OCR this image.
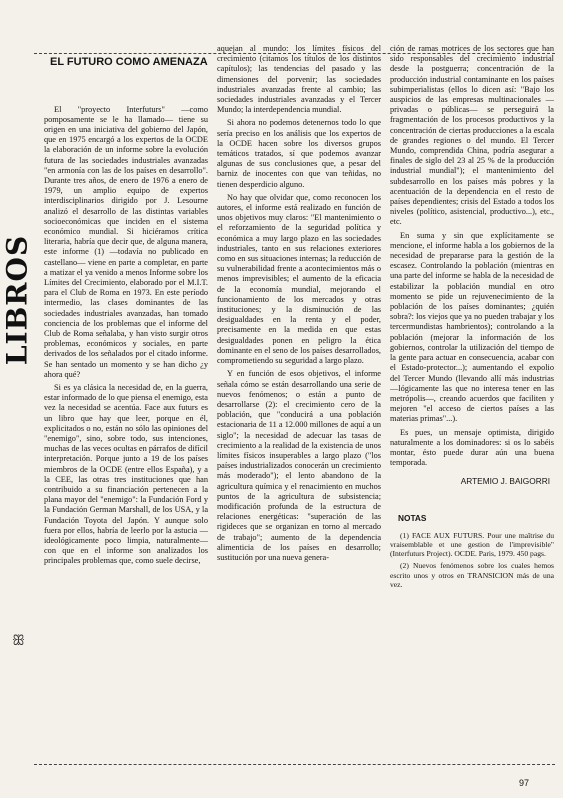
LIBROS
ꕥ
EL FUTURO COMO AMENAZA

El "proyecto Interfuturs" —como pomposamente se le ha llamado— tiene su origen en una iniciativa del gobierno del Japón, que en 1975 encargó a los expertos de la OCDE la elaboración de un informe sobre la evolución futura de las sociedades industriales avanzadas "en armonía con las de los países en desarrollo". Durante tres años, de enero de 1976 a enero de 1979, un amplio equipo de expertos interdisciplinarios dirigido por J. Lesourne analizó el desarrollo de las distintas variables socioeconómicas que inciden en el sistema económico mundial. Si hiciéramos crítica literaria, habría que decir que, de alguna manera, este informe (1) —todavía no publicado en castellano— viene en parte a completar, en parte a matizar el ya venido a menos Informe sobre los Límites del Crecimiento, elaborado por el M.I.T. para el Club de Roma en 1973. En este período intermedio, las clases dominantes de las sociedades industriales avanzadas, han tomado conciencia de los problemas que el informe del Club de Roma señalaba, y han visto surgir otros problemas, económicos y sociales, en parte derivados de los señalados por el citado informe. Se han sentado un momento y se han dicho ¿y ahora qué?

Si es ya clásica la necesidad de, en la guerra, estar informado de lo que piensa el enemigo, esta vez la necesidad se acentúa. Face aux futurs es un libro que hay que leer, porque en él, explicitados o no, están no sólo las opiniones del "enemigo", sino, sobre todo, sus intenciones, muchas de las veces ocultas en párrafos de difícil interpretación. Porque junto a 19 de los países miembros de la OCDE (entre ellos España), y a la CEE, las otras tres instituciones que han contribuido a su financiación pertenecen a la plana mayor del "enemigo": la Fundación Ford y la Fundación German Marshall, de los USA, y la Fundación Toyota del Japón. Y aunque solo fuera por ellos, habría de leerlo por la astucia —ideológicamente poco limpia, naturalmente— con que en el informe son analizados los principales problemas que, como suele decirse,

aquejan al mundo: los límites físicos del crecimiento (citamos los títulos de los distintos capítulos); las tendencias del pasado y las dimensiones del porvenir; las sociedades industriales avanzadas frente al cambio; las sociedades industriales avanzadas y el Tercer Mundo; la interdependencia mundial.

Si ahora no podemos detenernos todo lo que sería preciso en los análisis que los expertos de la OCDE hacen sobre los diversos grupos temáticos tratados, sí que podemos avanzar algunas de sus conclusiones que, a pesar del barniz de inocentes con que van teñidas, no tienen desperdicio alguno.

No hay que olvidar que, como reconocen los autores, el informe está realizado en función de unos objetivos muy claros: "El mantenimiento o el reforzamiento de la seguridad política y económica a muy largo plazo en las sociedades industriales, tanto en sus relaciones exteriores como en sus situaciones internas; la reducción de su vulnerabilidad frente a acontecimientos más o menos imprevisibles; el aumento de la eficacia de la economía mundial, mejorando el funcionamiento de los mercados y otras instituciones; y la disminución de las desigualdades en la renta y el poder, precisamente en la medida en que estas desigualdades ponen en peligro la ética dominante en el seno de los países desarrollados, comprometiendo su seguridad a largo plazo.

Y en función de esos objetivos, el informe señala cómo se están desarrollando una serie de nuevos fenómenos; o están a punto de desarrollarse (2): el crecimiento cero de la población, que "conducirá a una población estacionaria de 11 a 12.000 millones de aquí a un siglo"; la necesidad de adecuar las tasas de crecimiento a la realidad de la existencia de unos límites físicos insuperables a largo plazo ("los países industrializados conocerán un crecimiento más moderado"); el lento abandono de la agricultura química y el renacimiento en muchos puntos de la agricultura de subsistencia; modificación profunda de la estructura de relaciones energéticas: "superación de las rigideces que se organizan en torno al mercado de trabajo"; aumento de la dependencia alimenticia de los países en desarrollo; sustitución por una nueva genera-

ción de ramas motrices de los sectores que han sido responsables del crecimiento industrial desde la postguerra; concentración de la producción industrial contaminante en los países subimperialistas (ellos lo dicen así: "Bajo los auspicios de las empresas multinacionales —privadas o públicas— se perseguirá la fragmentación de los procesos productivos y la concentración de ciertas producciones a la escala de grandes regiones o del mundo. El Tercer Mundo, comprendida China, podría asegurar a finales de siglo del 23 al 25 % de la producción industrial mundial"); el mantenimiento del subdesarrollo en los países más pobres y la acentuación de la dependencia en el resto de países dependientes; crisis del Estado a todos los niveles (político, asistencial, productivo...), etc., etc.

En suma y sin que explícitamente se mencione, el informe habla a los gobiernos de la necesidad de prepararse para la gestión de la escasez. Controlando la población (mientras en una parte del informe se habla de la necesidad de estabilizar la población mundial en otro momento se pide un rejuvenecimiento de la población de los países dominantes; ¿quién sobra?: los viejos que ya no pueden trabajar y los tercermundistas hambrientos); controlando a la población (mejorar la información de los gobiernos, controlar la utilización del tiempo de la gente para actuar en consecuencia, acabar con el Estado-protector...); aumentando el expolio del Tercer Mundo (llevando allí más industrias —lógicamente las que no interesa tener en las metrópolis—, creando acuerdos que faciliten y mejoren "el acceso de ciertos países a las materias primas"...).

Es pues, un mensaje optimista, dirigido naturalmente a los dominadores: si os lo sabéis montar, ésto puede durar aún una buena temporada.

ARTEMIO J. BAIGORRI
NOTAS

(1) FACE AUX FUTURS. Pour une maîtrise du vraisemblable et une gestion de l'imprevisible" (Interfuturs Project). OCDE. Paris, 1979. 450 pags.

(2) Nuevos fenómenos sobre los cuales hemos escrito unos y otros en TRANSICION más de una vez.

97
